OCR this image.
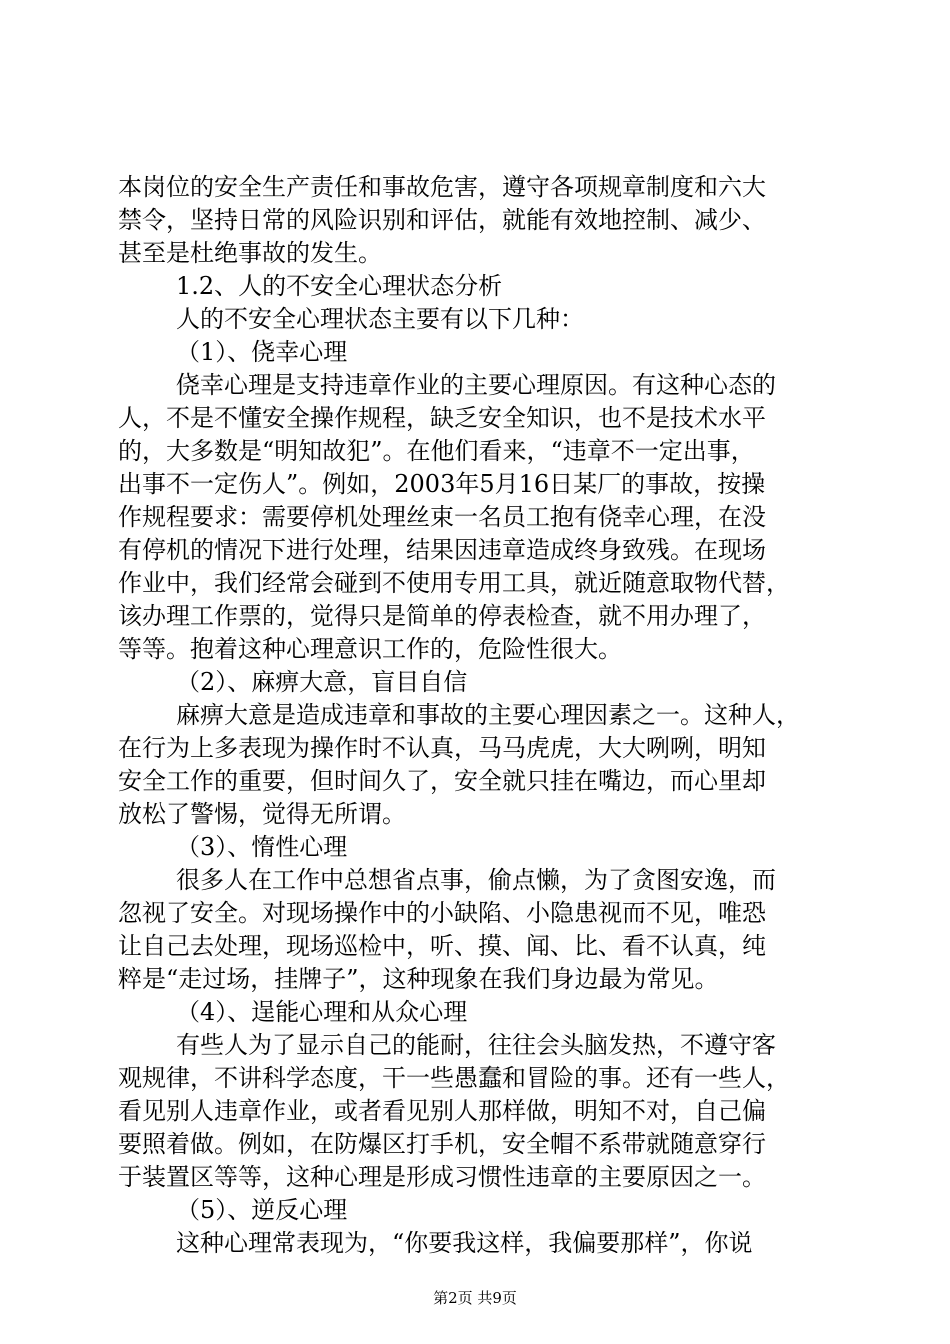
本岗位的安全生产责任和事故危害，遵守各项规章制度和六大
禁令，坚持日常的风险识别和评估，就能有效地控制、减少、
甚至是杜绝事故的发生。
1.2、人的不安全心理状态分析
人的不安全心理状态主要有以下几种：
（1）、侥幸心理
侥幸心理是支持违章作业的主要心理原因。有这种心态的
人，不是不懂安全操作规程，缺乏安全知识，也不是技术水平
的，大多数是“明知故犯”。在他们看来，“违章不一定出事，
出事不一定伤人”。例如，2003年5月16日某厂的事故，按操
作规程要求：需要停机处理丝束一名员工抱有侥幸心理，在没
有停机的情况下进行处理，结果因违章造成终身致残。在现场
作业中，我们经常会碰到不使用专用工具，就近随意取物代替，
该办理工作票的，觉得只是简单的停表检查，就不用办理了，
等等。抱着这种心理意识工作的，危险性很大。
（2）、麻痹大意，盲目自信
麻痹大意是造成违章和事故的主要心理因素之一。这种人，
在行为上多表现为操作时不认真，马马虎虎，大大咧咧，明知
安全工作的重要，但时间久了，安全就只挂在嘴边，而心里却
放松了警惕，觉得无所谓。
（3）、惰性心理
很多人在工作中总想省点事，偷点懒，为了贪图安逸，而
忽视了安全。对现场操作中的小缺陷、小隐患视而不见，唯恐
让自己去处理，现场巡检中，听、摸、闻、比、看不认真，纯
粹是“走过场，挂牌子”，这种现象在我们身边最为常见。
（4）、逞能心理和从众心理
有些人为了显示自己的能耐，往往会头脑发热，不遵守客
观规律，不讲科学态度，干一些愚蠢和冒险的事。还有一些人，
看见别人违章作业，或者看见别人那样做，明知不对，自己偏
要照着做。例如，在防爆区打手机，安全帽不系带就随意穿行
于装置区等等，这种心理是形成习惯性违章的主要原因之一。
（5）、逆反心理
这种心理常表现为，“你要我这样，我偏要那样”，你说
第2页 共9页
